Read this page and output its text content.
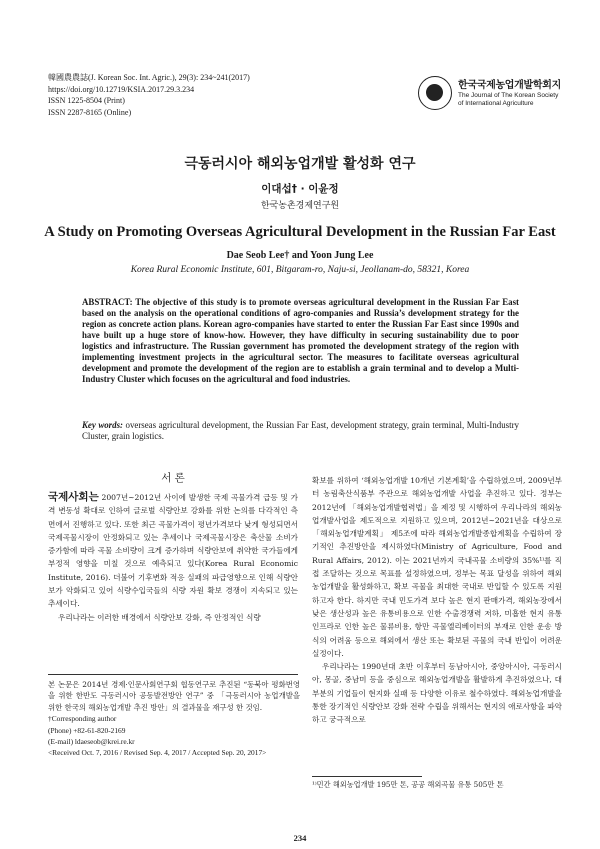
韓國農農誌(J. Korean Soc. Int. Agric.), 29(3): 234~241(2017)
https://doi.org/10.12719/KSIA.2017.29.3.234
ISSN 1225-8504 (Print)
ISSN 2287-8165 (Online)
한국국제농업개발학회지
The Journal of The Korean Society
of International Agriculture
극동러시아 해외농업개발 활성화 연구
이대섭† · 이윤정
한국농촌경제연구원
A Study on Promoting Overseas Agricultural Development in the Russian Far East
Dae Seob Lee† and Yoon Jung Lee
Korea Rural Economic Institute, 601, Bitgaram-ro, Naju-si, Jeollanam-do, 58321, Korea
ABSTRACT: The objective of this study is to promote overseas agricultural development in the Russian Far East based on the analysis on the operational conditions of agro-companies and Russia’s development strategy for the region as concrete action plans. Korean agro-companies have started to enter the Russian Far East since 1990s and have built up a huge store of know-how. However, they have difficulty in securing sustainability due to poor logistics and infrastructure. The Russian government has promoted the development strategy of the region with implementing investment projects in the agricultural sector. The measures to facilitate overseas agricultural development and promote the development of the region are to establish a grain terminal and to develop a Multi-Industry Cluster which focuses on the agricultural and food industries.
Key words: overseas agricultural development, the Russian Far East, development strategy, grain terminal, Multi-Industry Cluster, grain logistics.
서 론

국제사회는 2007년~2012년 사이에 발생한 국제 곡물가격 급등 및 가격 변동성 확대로 인하여 글로벌 식량안보 강화를 위한 논의를 다각적인 측면에서 진행하고 있다. 또한 최근 곡물가격이 평년가격보다 낮게 형성되면서 국제곡물시장이 안정화되고 있는 추세이나 국제곡물시장은 축산물 소비가 증가함에 따라 곡물 소비량이 크게 증가하며 식량안보에 취약한 국가들에게 부정적 영향을 미칠 것으로 예측되고 있다(Korea Rural Economic Institute, 2016). 더불어 기후변화 적응 실패의 파급영향으로 인해 식량안보가 악화되고 있어 식량수입국들의 식량 자원 확보 경쟁이 지속되고 있는 추세이다.

우리나라는 이러한 배경에서 식량안보 강화, 즉 안정적인 식량

본 논문은 2014년 경제·인문사회연구회 협동연구로 추진된 “동북아 평화번영을 위한 한반도 극동러시아 공동발전방안 연구” 중 「극동러시아 농업개발을 위한 한국의 해외농업개발 추진 방안」의 결과물을 재구성 한 것임.
†Corresponding author
(Phone) +82-61-820-2169
(E-mail) ldaeseob@krei.re.kr
<Received Oct. 7, 2016 / Revised Sep. 4, 2017 / Accepted Sep. 20, 2017>

확보를 위하여 ‘해외농업개발 10개년 기본계획’을 수립하였으며, 2009년부터 농림축산식품부 주관으로 해외농업개발 사업을 추진하고 있다. 정부는 2012년에 「해외농업개발협력법」을 제정 및 시행하여 우리나라의 해외농업개발사업을 제도적으로 지원하고 있으며, 2012년~2021년을 대상으로 「해외농업개발계획」 제5조에 따라 해외농업개발종합계획을 수립하여 장기적인 추진방안을 제시하였다(Ministry of Agriculture, Food and Rural Affairs, 2012). 이는 2021년까지 국내곡물 소비량의 35%¹⁾를 직접 조달하는 것으로 목표를 설정하였으며, 정부는 목표 달성을 위하여 해외농업개발을 활성화하고, 확보 곡물을 최대한 국내로 반입할 수 있도록 지원하고자 한다. 하지만 국내 민도가격 보다 높은 현지 판매가격, 해외농장에서 낮은 생산성과 높은 유통비용으로 인한 수출경쟁력 저하, 미흡한 현지 유통 인프라로 인한 높은 물류비용, 항만 곡물엘리베이터의 부재로 인한 운송 방식의 어려움 등으로 해외에서 생산 또는 확보된 곡물의 국내 반입이 어려운 실정이다.

우리나라는 1990년대 초반 이후부터 동남아시아, 중앙아시아, 극동러시아, 몽골, 중남미 등을 중심으로 해외농업개발을 활발하게 추진하였으나, 대부분의 기업들이 현지화 실패 등 다양한 이유로 철수하였다. 해외농업개발을 통한 장기적인 식량안보 강화 전략 수립을 위해서는 현지의 애로사항을 파악하고 궁극적으로

¹⁾민간 해외농업개발 195만 톤, 공공 해외곡물 유통 505만 톤
234
